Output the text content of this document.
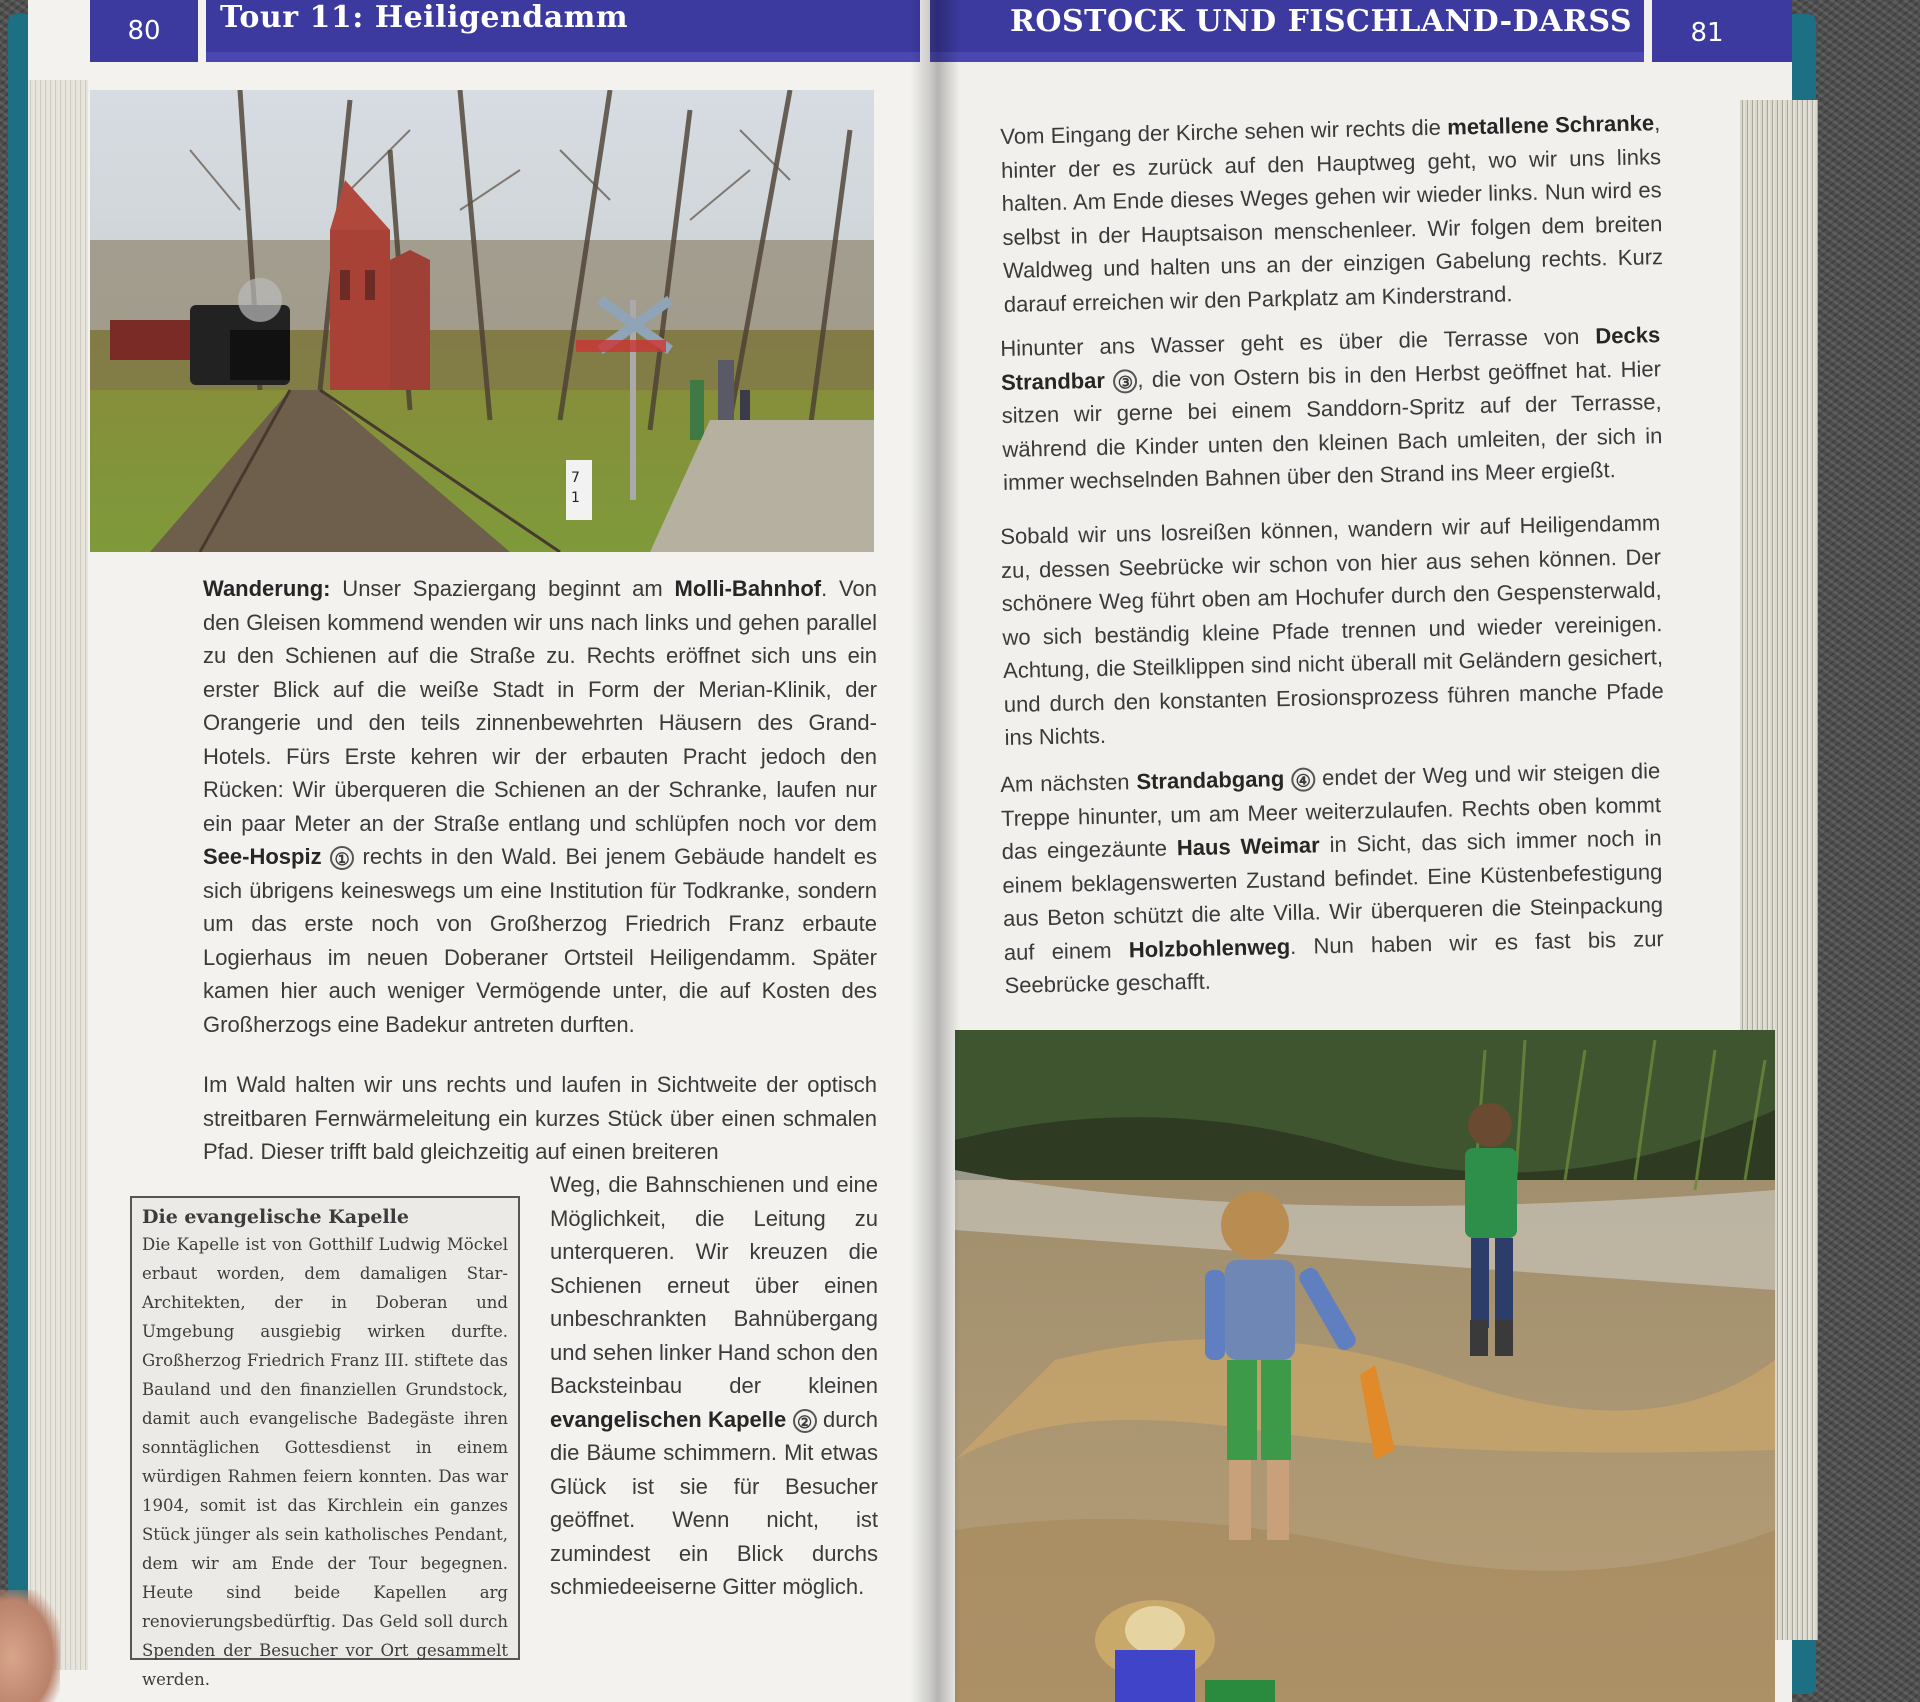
80	Tour 11: Heiligendamm
7
1

Wanderung: Unser Spaziergang beginnt am Molli-Bahnhof. Von den Gleisen kommend wenden wir uns nach links und gehen parallel zu den Schienen auf die Straße zu. Rechts eröffnet sich uns ein erster Blick auf die weiße Stadt in Form der Merian-Klinik, der Orangerie und den teils zinnenbewehrten Häusern des Grand-Hotels. Fürs Erste kehren wir der erbauten Pracht jedoch den Rücken: Wir überqueren die Schienen an der Schranke, laufen nur ein paar Meter an der Straße entlang und schlüpfen noch vor dem See-Hospiz ① rechts in den Wald. Bei jenem Gebäude handelt es sich übrigens keineswegs um eine Institution für Todkranke, sondern um das erste noch von Großherzog Friedrich Franz erbaute Logierhaus im neuen Doberaner Ortsteil Heiligendamm. Später kamen hier auch weniger Vermögende unter, die auf Kosten des Großherzogs eine Badekur antreten durften.

Im Wald halten wir uns rechts und laufen in Sichtweite der optisch streitbaren Fernwärmeleitung ein kurzes Stück über einen schmalen Pfad. Dieser trifft bald gleichzeitig auf einen breiteren

Weg, die Bahnschienen und eine Möglichkeit, die Leitung zu unterqueren. Wir kreuzen die Schienen erneut über einen unbeschrankten Bahnübergang und sehen linker Hand schon den Backsteinbau der kleinen evangelischen Kapelle ② durch die Bäume schimmern. Mit etwas Glück ist sie für Besucher geöffnet. Wenn nicht, ist zumindest ein Blick durchs schmiedeeiserne Gitter möglich.

Die evangelische Kapelle
Die Kapelle ist von Gotthilf Ludwig Möckel erbaut worden, dem damaligen Star-Architekten, der in Doberan und Umgebung ausgiebig wirken durfte. Großherzog Friedrich Franz III. stiftete das Bauland und den finanziellen Grundstock, damit auch evangelische Badegäste ihren sonntäglichen Gottesdienst in einem würdigen Rahmen feiern konnten. Das war 1904, somit ist das Kirchlein ein ganzes Stück jünger als sein katholisches Pendant, dem wir am Ende der Tour begegnen. Heute sind beide Kapellen arg renovierungsbedürftig. Das Geld soll durch Spenden der Besucher vor Ort gesammelt werden.
ROSTOCK UND FISCHLAND-DARSS	81

Vom Eingang der Kirche sehen wir rechts die metallene Schranke, hinter der es zurück auf den Hauptweg geht, wo wir uns links halten. Am Ende dieses Weges gehen wir wieder links. Nun wird es selbst in der Hauptsaison menschenleer. Wir folgen dem breiten Waldweg und halten uns an der einzigen Gabelung rechts. Kurz darauf erreichen wir den Parkplatz am Kinderstrand.

Hinunter ans Wasser geht es über die Terrasse von Decks Strandbar ③ , die von Ostern bis in den Herbst geöffnet hat. Hier sitzen wir gerne bei einem Sanddorn-Spritz auf der Terrasse, während die Kinder unten den kleinen Bach umleiten, der sich in immer wechselnden Bahnen über den Strand ins Meer ergießt.

Sobald wir uns losreißen können, wandern wir auf Heiligendamm zu, dessen Seebrücke wir schon von hier aus sehen können. Der schönere Weg führt oben am Hochufer durch den Gespensterwald, wo sich beständig kleine Pfade trennen und wieder vereinigen. Achtung, die Steilklippen sind nicht überall mit Geländern gesichert, und durch den konstanten Erosionsprozess führen manche Pfade ins Nichts.

Am nächsten Strandabgang ④ endet der Weg und wir steigen die Treppe hinunter, um am Meer weiterzulaufen. Rechts oben kommt das eingezäunte Haus Weimar in Sicht, das sich immer noch in einem beklagenswerten Zustand befindet. Eine Küstenbefestigung aus Beton schützt die alte Villa. Wir überqueren die Steinpackung auf einem Holzbohlenweg. Nun haben wir es fast bis zur Seebrücke geschafft.
